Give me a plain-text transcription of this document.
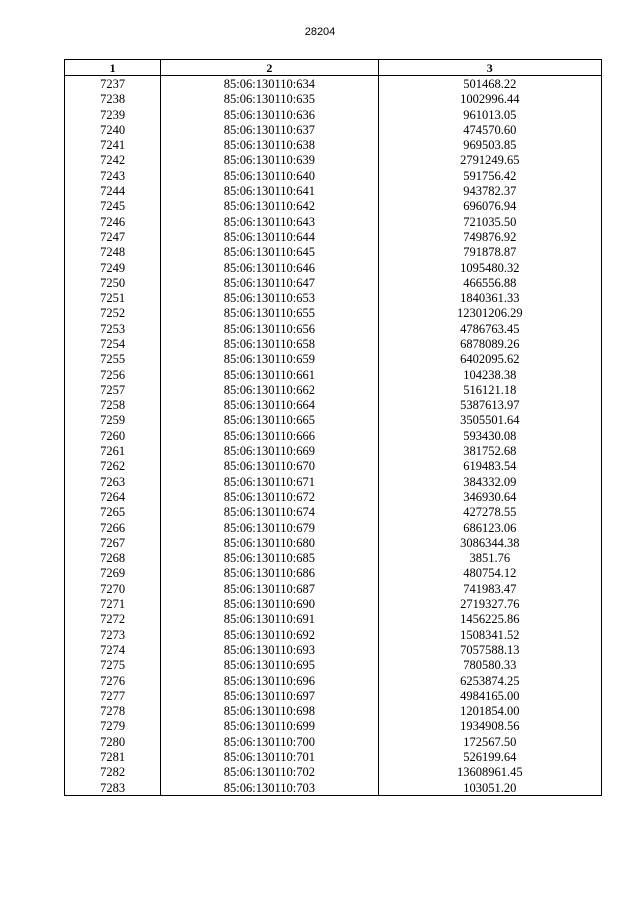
28204
1	2	3
7237	85:06:130110:634	501468.22
7238	85:06:130110:635	1002996.44
7239	85:06:130110:636	961013.05
7240	85:06:130110:637	474570.60
7241	85:06:130110:638	969503.85
7242	85:06:130110:639	2791249.65
7243	85:06:130110:640	591756.42
7244	85:06:130110:641	943782.37
7245	85:06:130110:642	696076.94
7246	85:06:130110:643	721035.50
7247	85:06:130110:644	749876.92
7248	85:06:130110:645	791878.87
7249	85:06:130110:646	1095480.32
7250	85:06:130110:647	466556.88
7251	85:06:130110:653	1840361.33
7252	85:06:130110:655	12301206.29
7253	85:06:130110:656	4786763.45
7254	85:06:130110:658	6878089.26
7255	85:06:130110:659	6402095.62
7256	85:06:130110:661	104238.38
7257	85:06:130110:662	516121.18
7258	85:06:130110:664	5387613.97
7259	85:06:130110:665	3505501.64
7260	85:06:130110:666	593430.08
7261	85:06:130110:669	381752.68
7262	85:06:130110:670	619483.54
7263	85:06:130110:671	384332.09
7264	85:06:130110:672	346930.64
7265	85:06:130110:674	427278.55
7266	85:06:130110:679	686123.06
7267	85:06:130110:680	3086344.38
7268	85:06:130110:685	3851.76
7269	85:06:130110:686	480754.12
7270	85:06:130110:687	741983.47
7271	85:06:130110:690	2719327.76
7272	85:06:130110:691	1456225.86
7273	85:06:130110:692	1508341.52
7274	85:06:130110:693	7057588.13
7275	85:06:130110:695	780580.33
7276	85:06:130110:696	6253874.25
7277	85:06:130110:697	4984165.00
7278	85:06:130110:698	1201854.00
7279	85:06:130110:699	1934908.56
7280	85:06:130110:700	172567.50
7281	85:06:130110:701	526199.64
7282	85:06:130110:702	13608961.45
7283	85:06:130110:703	103051.20
